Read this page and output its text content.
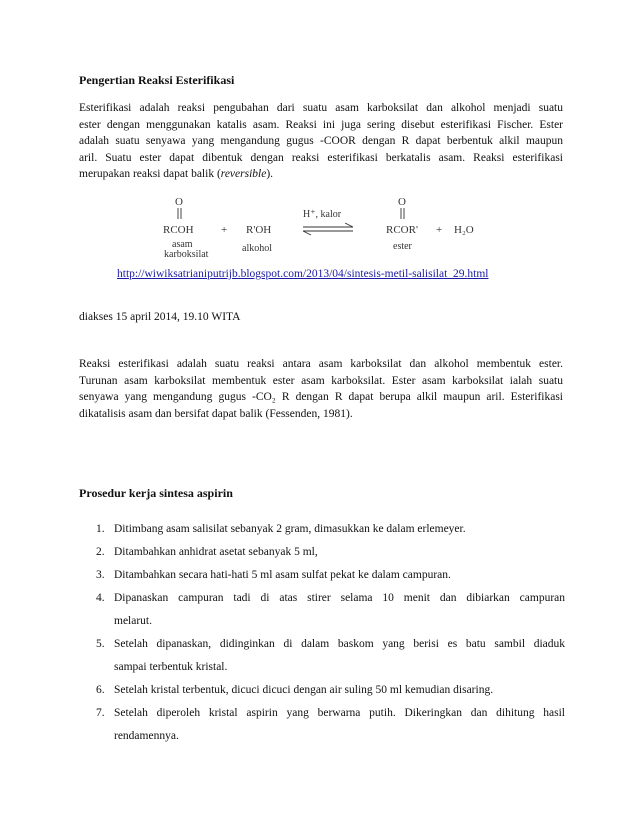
Pengertian Reaksi Esterifikasi
Esterifikasi adalah reaksi pengubahan dari suatu asam karboksilat dan alkohol menjadi suatu
ester dengan menggunakan katalis asam. Reaksi ini juga sering disebut esterifikasi Fischer. Ester
adalah suatu senyawa yang mengandung gugus -COOR dengan R dapat berbentuk alkil maupun
aril. Suatu ester dapat dibentuk dengan reaksi esterifikasi berkatalis asam. Reaksi esterifikasi
merupakan reaksi dapat balik (reversible).
O
RCOH + R'OH
H⁺, kalor
O
RCOR' + H₂O
asam
karboksilat
alkohol	ester
http://wiwiksatrianiputrijb.blogspot.com/2013/04/sintesis-metil-salisilat_29.html
diakses 15 april 2014, 19.10 WITA
Reaksi esterifikasi adalah suatu reaksi antara asam karboksilat dan alkohol membentuk ester.
Turunan asam karboksilat membentuk ester asam karboksilat. Ester asam karboksilat ialah suatu
senyawa yang mengandung gugus -CO₂ R dengan R dapat berupa alkil maupun aril. Esterifikasi
dikatalisis asam dan bersifat dapat balik (Fessenden, 1981).
Prosedur kerja sintesa aspirin
1. Ditimbang asam salisilat sebanyak 2 gram, dimasukkan ke dalam erlemeyer.
2. Ditambahkan anhidrat asetat sebanyak 5 ml,
3. Ditambahkan secara hati-hati 5 ml asam sulfat pekat ke dalam campuran.
4. Dipanaskan campuran tadi di atas stirer selama 10 menit dan dibiarkan campuran
melarut.
5. Setelah dipanaskan, didinginkan di dalam baskom yang berisi es batu sambil diaduk
sampai terbentuk kristal.
6. Setelah kristal terbentuk, dicuci dicuci dengan air suling 50 ml kemudian disaring.
7. Setelah diperoleh kristal aspirin yang berwarna putih. Dikeringkan dan dihitung hasil
rendamennya.
